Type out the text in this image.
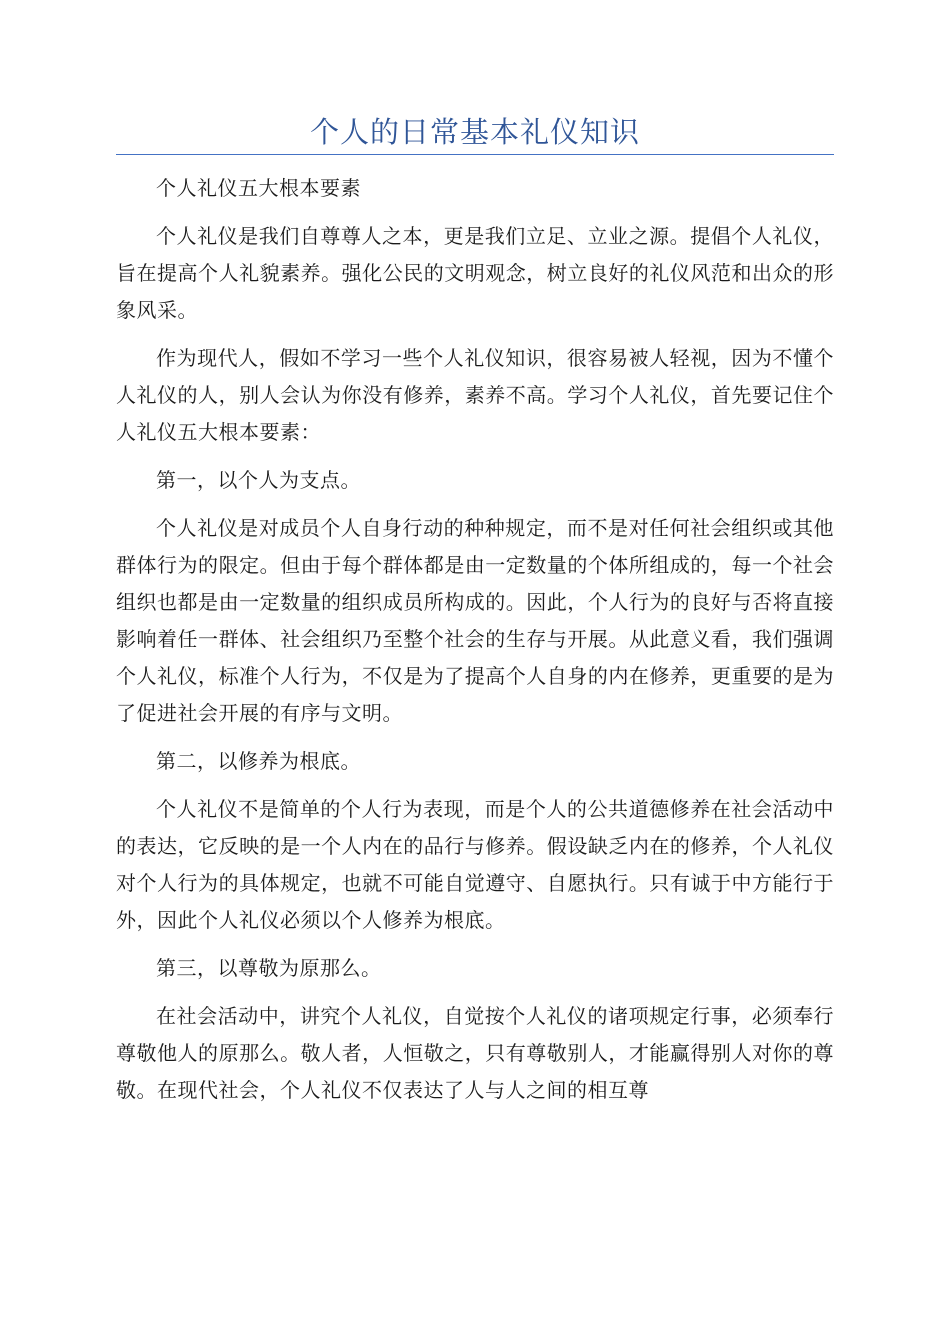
个人的日常基本礼仪知识

个人礼仪五大根本要素

个人礼仪是我们自尊尊人之本，更是我们立足、立业之源。提倡个人礼仪，旨在提高个人礼貌素养。强化公民的文明观念，树立良好的礼仪风范和出众的形象风采。

作为现代人，假如不学习一些个人礼仪知识，很容易被人轻视，因为不懂个人礼仪的人，别人会认为你没有修养，素养不高。学习个人礼仪，首先要记住个人礼仪五大根本要素：

第一，以个人为支点。

个人礼仪是对成员个人自身行动的种种规定，而不是对任何社会组织或其他群体行为的限定。但由于每个群体都是由一定数量的个体所组成的，每一个社会组织也都是由一定数量的组织成员所构成的。因此，个人行为的良好与否将直接影响着任一群体、社会组织乃至整个社会的生存与开展。从此意义看，我们强调个人礼仪，标准个人行为，不仅是为了提高个人自身的内在修养，更重要的是为了促进社会开展的有序与文明。

第二，以修养为根底。

个人礼仪不是简单的个人行为表现，而是个人的公共道德修养在社会活动中的表达，它反映的是一个人内在的品行与修养。假设缺乏内在的修养，个人礼仪对个人行为的具体规定，也就不可能自觉遵守、自愿执行。只有诚于中方能行于外，因此个人礼仪必须以个人修养为根底。

第三，以尊敬为原那么。

在社会活动中，讲究个人礼仪，自觉按个人礼仪的诸项规定行事，必须奉行尊敬他人的原那么。敬人者，人恒敬之，只有尊敬别人，才能赢得别人对你的尊敬。在现代社会，个人礼仪不仅表达了人与人之间的相互尊
